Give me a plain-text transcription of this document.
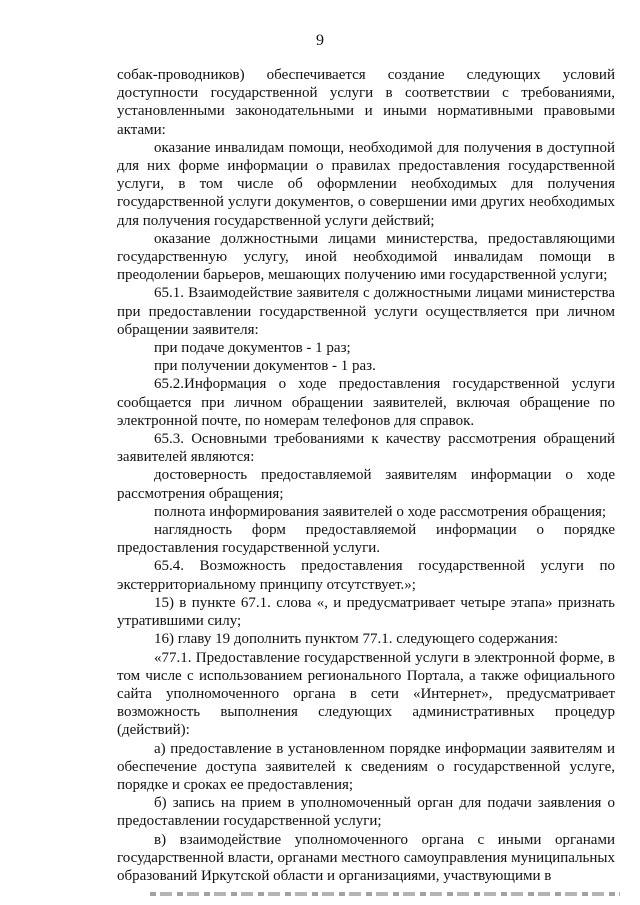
9

собак-проводников) обеспечивается создание следующих условий доступности государственной услуги в соответствии с требованиями, установленными законодательными и иными нормативными правовыми актами:

оказание инвалидам помощи, необходимой для получения в доступной для них форме информации о правилах предоставления государственной услуги, в том числе об оформлении необходимых для получения государственной услуги документов, о совершении ими других необходимых для получения государственной услуги действий;

оказание должностными лицами министерства, предоставляющими государственную услугу, иной необходимой инвалидам помощи в преодолении барьеров, мешающих получению ими государственной услуги;

65.1. Взаимодействие заявителя с должностными лицами министерства при предоставлении государственной услуги осуществляется при личном обращении заявителя:

при подаче документов - 1 раз;

при получении документов - 1 раз.

65.2.Информация о ходе предоставления государственной услуги сообщается при личном обращении заявителей, включая обращение по электронной почте, по номерам телефонов для справок.

65.3. Основными требованиями к качеству рассмотрения обращений заявителей являются:

достоверность предоставляемой заявителям информации о ходе рассмотрения обращения;

полнота информирования заявителей о ходе рассмотрения обращения;

наглядность форм предоставляемой информации о порядке предоставления государственной услуги.

65.4. Возможность предоставления государственной услуги по экстерриториальному принципу отсутствует.»;

15) в пункте 67.1. слова «, и предусматривает четыре этапа» признать утратившими силу;

16) главу 19 дополнить пунктом 77.1. следующего содержания:

«77.1. Предоставление государственной услуги в электронной форме, в том числе с использованием регионального Портала, а также официального сайта уполномоченного органа в сети «Интернет», предусматривает возможность выполнения следующих административных процедур (действий):

а) предоставление в установленном порядке информации заявителям и обеспечение доступа заявителей к сведениям о государственной услуге, порядке и сроках ее предоставления;

б) запись на прием в уполномоченный орган для подачи заявления о предоставлении государственной услуги;

в) взаимодействие уполномоченного органа с иными органами государственной власти, органами местного самоуправления муниципальных образований Иркутской области и организациями, участвующими в
